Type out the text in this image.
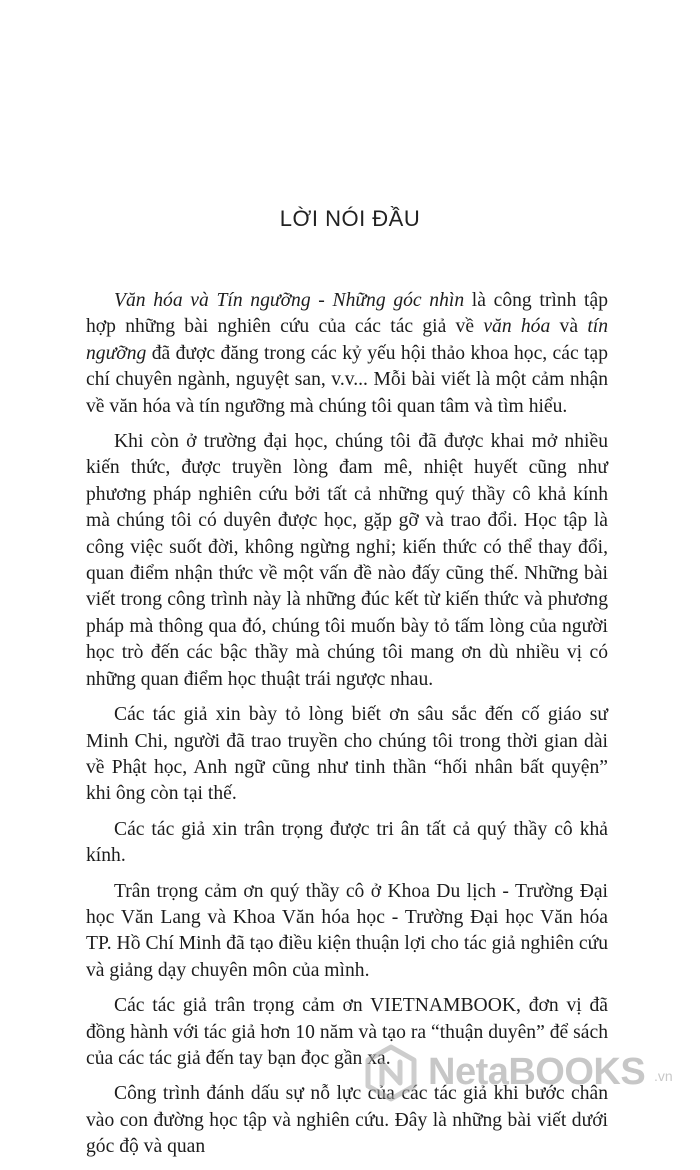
LỜI NÓI ĐẦU

Văn hóa và Tín ngưỡng - Những góc nhìn là công trình tập hợp những bài nghiên cứu của các tác giả về văn hóa và tín ngưỡng đã được đăng trong các kỷ yếu hội thảo khoa học, các tạp chí chuyên ngành, nguyệt san, v.v... Mỗi bài viết là một cảm nhận về văn hóa và tín ngưỡng mà chúng tôi quan tâm và tìm hiểu.

Khi còn ở trường đại học, chúng tôi đã được khai mở nhiều kiến thức, được truyền lòng đam mê, nhiệt huyết cũng như phương pháp nghiên cứu bởi tất cả những quý thầy cô khả kính mà chúng tôi có duyên được học, gặp gỡ và trao đổi. Học tập là công việc suốt đời, không ngừng nghỉ; kiến thức có thể thay đổi, quan điểm nhận thức về một vấn đề nào đấy cũng thế. Những bài viết trong công trình này là những đúc kết từ kiến thức và phương pháp mà thông qua đó, chúng tôi muốn bày tỏ tấm lòng của người học trò đến các bậc thầy mà chúng tôi mang ơn dù nhiều vị có những quan điểm học thuật trái ngược nhau.

Các tác giả xin bày tỏ lòng biết ơn sâu sắc đến cố giáo sư Minh Chi, người đã trao truyền cho chúng tôi trong thời gian dài về Phật học, Anh ngữ cũng như tinh thần “hối nhân bất quyện” khi ông còn tại thế.

Các tác giả xin trân trọng được tri ân tất cả quý thầy cô khả kính.

Trân trọng cảm ơn quý thầy cô ở Khoa Du lịch - Trường Đại học Văn Lang và Khoa Văn hóa học - Trường Đại học Văn hóa TP. Hồ Chí Minh đã tạo điều kiện thuận lợi cho tác giả nghiên cứu và giảng dạy chuyên môn của mình.

Các tác giả trân trọng cảm ơn VIETNAMBOOK, đơn vị đã đồng hành với tác giả hơn 10 năm và tạo ra “thuận duyên” để sách của các tác giả đến tay bạn đọc gần xa.

Công trình đánh dấu sự nỗ lực của các tác giả khi bước chân vào con đường học tập và nghiên cứu. Đây là những bài viết dưới góc độ và quan

NetaBOOKS .vn
